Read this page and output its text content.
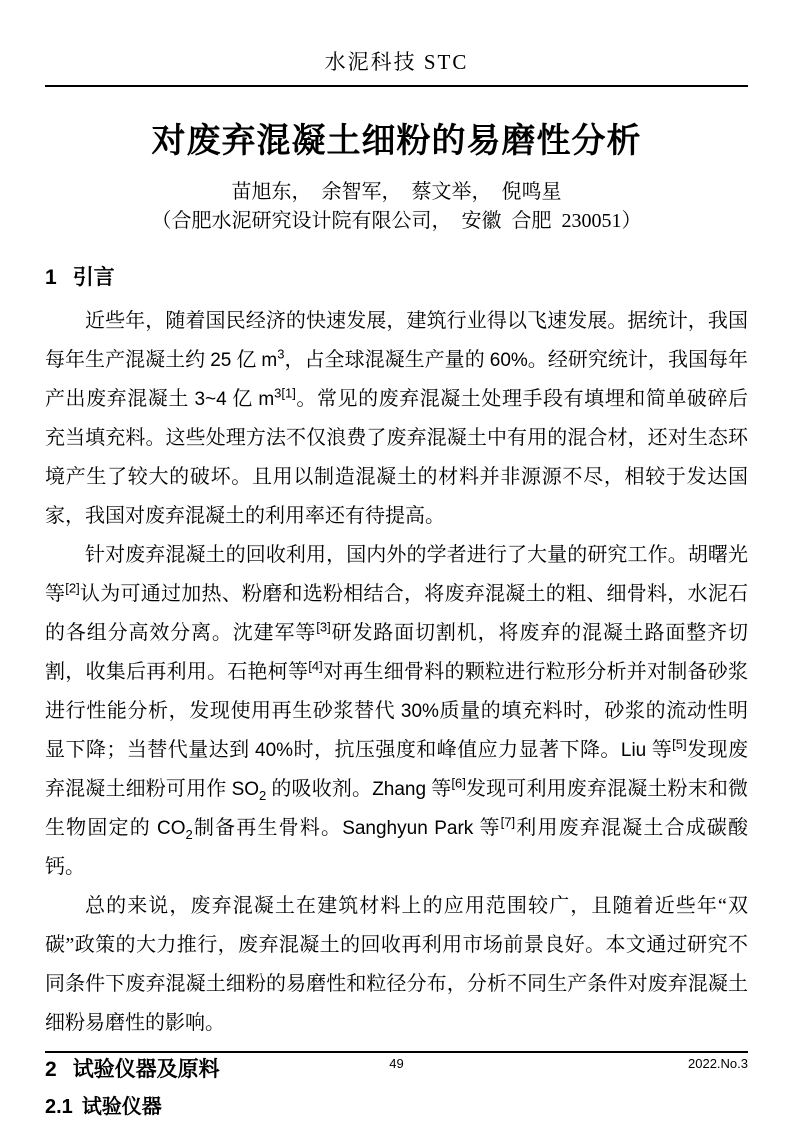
水泥科技 STC
对废弃混凝土细粉的易磨性分析
苗旭东，  余智军，  蔡文举，  倪鸣星
（合肥水泥研究设计院有限公司，  安徽  合肥  230051）
1 引言

近些年，随着国民经济的快速发展，建筑行业得以飞速发展。据统计，我国每年生产混凝土约 25 亿 $m^3$，占全球混凝生产量的 60%。经研究统计，我国每年产出废弃混凝土 3~4 亿 $m^{3[1]}$。常见的废弃混凝土处理手段有填埋和简单破碎后充当填充料。这些处理方法不仅浪费了废弃混凝土中有用的混合材，还对生态环境产生了较大的破坏。且用以制造混凝土的材料并非源源不尽，相较于发达国家，我国对废弃混凝土的利用率还有待提高。

针对废弃混凝土的回收利用，国内外的学者进行了大量的研究工作。胡曙光等[2]认为可通过加热、粉磨和选粉相结合，将废弃混凝土的粗、细骨料，水泥石的各组分高效分离。沈建军等[3]研发路面切割机，将废弃的混凝土路面整齐切割，收集后再利用。石艳柯等[4]对再生细骨料的颗粒进行粒形分析并对制备砂浆进行性能分析，发现使用再生砂浆替代 30%质量的填充料时，砂浆的流动性明显下降；当替代量达到 40%时，抗压强度和峰值应力显著下降。Liu 等[5]发现废弃混凝土细粉可用作 $SO_2$ 的吸收剂。Zhang 等[6]发现可利用废弃混凝土粉末和微生物固定的 $CO_2$制备再生骨料。Sanghyun Park 等[7]利用废弃混凝土合成碳酸钙。

总的来说，废弃混凝土在建筑材料上的应用范围较广，且随着近些年“双碳”政策的大力推行，废弃混凝土的回收再利用市场前景良好。本文通过研究不同条件下废弃混凝土细粉的易磨性和粒径分布，分析不同生产条件对废弃混凝土细粉易磨性的影响。

2 试验仪器及原料
2.1 试验仪器
49	2022.No.3
